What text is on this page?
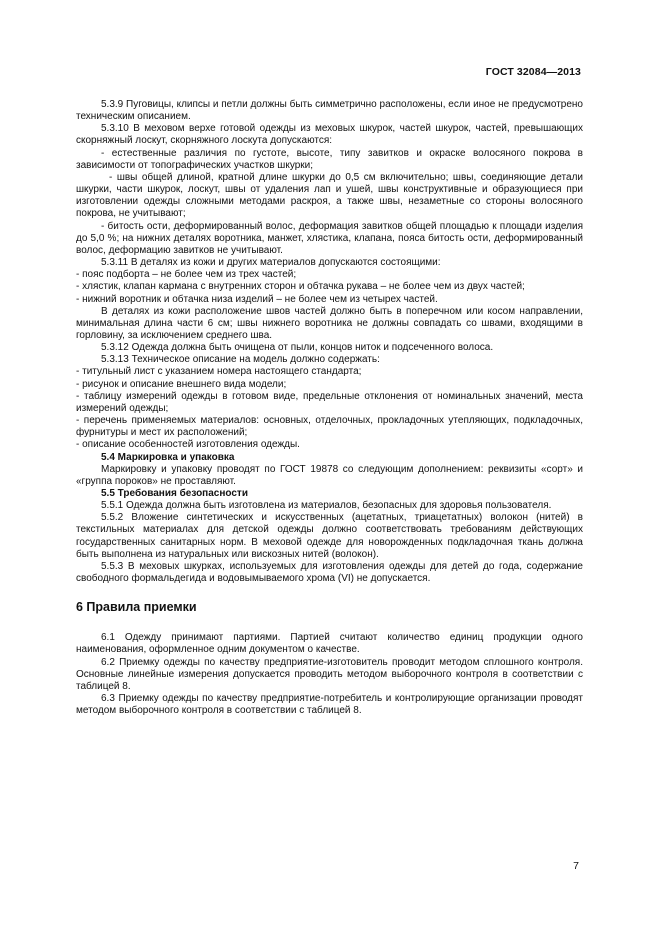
ГОСТ 32084—2013

5.3.9 Пуговицы, клипсы и петли должны быть симметрично расположены, если иное не предусмотрено техническим описанием.

5.3.10 В меховом верхе готовой одежды из меховых шкурок, частей шкурок, частей, превышающих скорняжный лоскут, скорняжного лоскута допускаются:

- естественные различия по густоте, высоте, типу завитков и окраске волосяного покрова в зависимости от топографических участков шкурки;

- швы общей длиной, кратной длине шкурки до 0,5 см включительно; швы, соединяющие детали шкурки, части шкурок, лоскут, швы от удаления лап и ушей, швы конструктивные и образующиеся при изготовлении одежды сложными методами раскроя, а также швы, незаметные со стороны волосяного покрова, не учитывают;

- битость ости, деформированный волос, деформация завитков общей площадью к площади изделия до 5,0 %; на нижних деталях воротника, манжет, хлястика, клапана, пояса битость ости, деформированный волос, деформацию завитков не учитывают.

5.3.11 В деталях из кожи и других материалов допускаются состоящими:

- пояс подборта – не более чем из трех частей;

- хлястик, клапан кармана с внутренних сторон и обтачка рукава – не более чем из двух частей;

- нижний воротник и обтачка низа изделий – не более чем из четырех частей.

В деталях из кожи расположение швов частей должно быть в поперечном или косом направлении, минимальная длина части 6 см; швы нижнего воротника не должны совпадать со швами, входящими в горловину, за исключением среднего шва.

5.3.12 Одежда должна быть очищена от пыли, концов ниток и подсеченного волоса.

5.3.13 Техническое описание на модель должно содержать:

- титульный лист с указанием номера настоящего стандарта;

- рисунок и описание внешнего вида модели;

- таблицу измерений одежды в готовом виде, предельные отклонения от номинальных значений, места измерений одежды;

- перечень применяемых материалов: основных, отделочных, прокладочных утепляющих, подкладочных, фурнитуры и мест их расположений;

- описание особенностей изготовления одежды.

5.4 Маркировка и упаковка

Маркировку и упаковку проводят по ГОСТ 19878 со следующим дополнением: реквизиты «сорт» и «группа пороков» не проставляют.

5.5 Требования безопасности

5.5.1 Одежда должна быть изготовлена из материалов, безопасных для здоровья пользователя.

5.5.2 Вложение синтетических и искусственных (ацетатных, триацетатных) волокон (нитей) в текстильных материалах для детской одежды должно соответствовать требованиям действующих государственных санитарных норм. В меховой одежде для новорожденных подкладочная ткань должна быть выполнена из натуральных или вискозных нитей (волокон).

5.5.3 В меховых шкурках, используемых для изготовления одежды для детей до года, содержание свободного формальдегида и водовымываемого хрома (VI) не допускается.

6 Правила приемки

6.1 Одежду принимают партиями. Партией считают количество единиц продукции одного наименования, оформленное одним документом о качестве.

6.2 Приемку одежды по качеству предприятие-изготовитель проводит методом сплошного контроля. Основные линейные измерения допускается проводить методом выборочного контроля в соответствии с таблицей 8.

6.3 Приемку одежды по качеству предприятие-потребитель и контролирующие организации проводят методом выборочного контроля в соответствии с таблицей 8.

7
